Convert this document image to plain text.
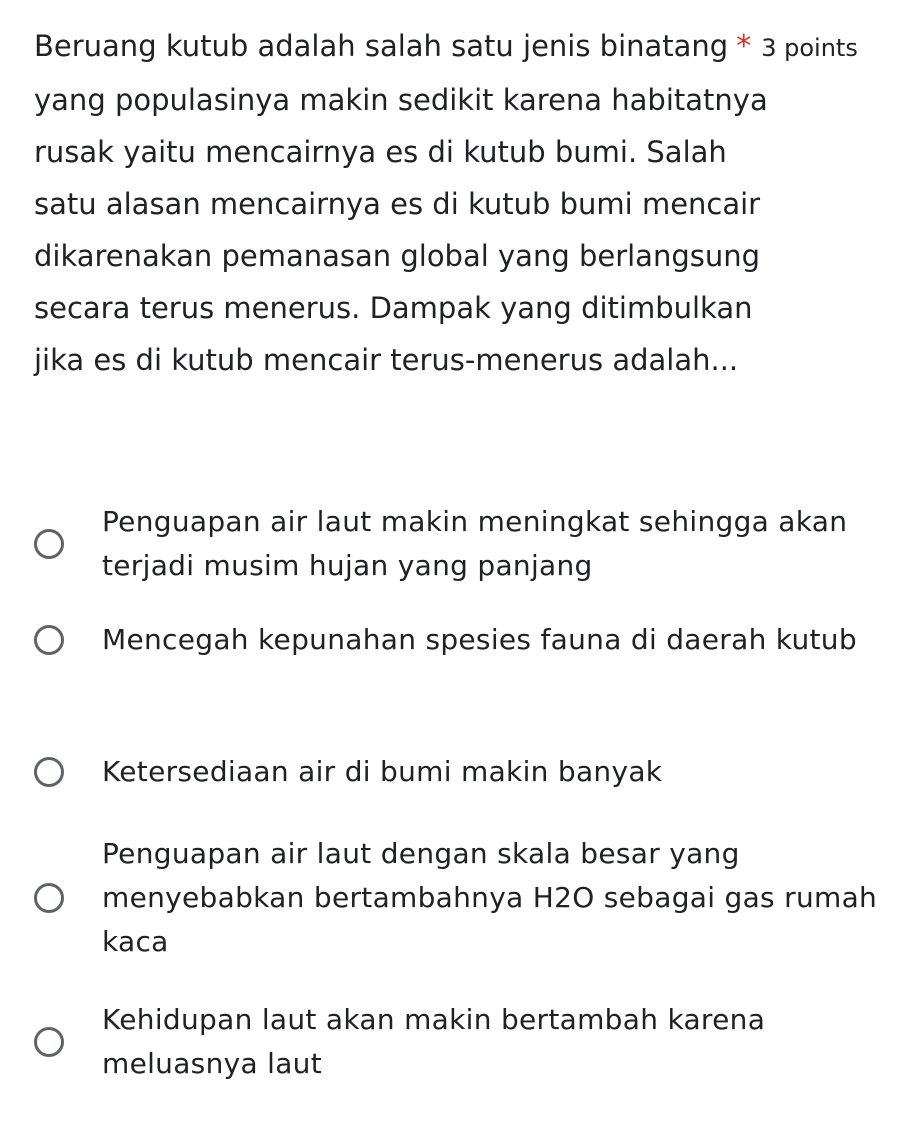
Beruang kutub adalah salah satu jenis binatang * 3 points
yang populasinya makin sedikit karena habitatnya rusak yaitu mencairnya es di kutub bumi. Salah satu alasan mencairnya es di kutub bumi mencair dikarenakan pemanasan global yang berlangsung secara terus menerus. Dampak yang ditimbulkan jika es di kutub mencair terus-menerus adalah...

Penguapan air laut makin meningkat sehingga akan terjadi musim hujan yang panjang
Mencegah kepunahan spesies fauna di daerah kutub
Ketersediaan air di bumi makin banyak
Penguapan air laut dengan skala besar yang menyebabkan bertambahnya H2O sebagai gas rumah kaca
Kehidupan laut akan makin bertambah karena meluasnya laut
